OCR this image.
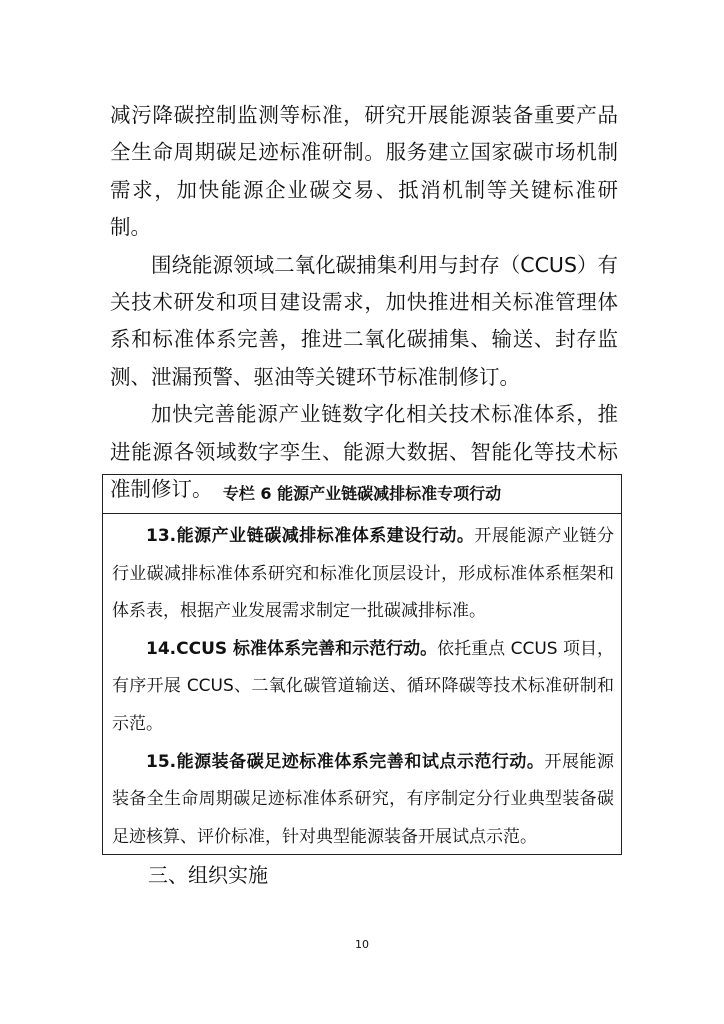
减污降碳控制监测等标准，研究开展能源装备重要产品全生命周期碳足迹标准研制。服务建立国家碳市场机制需求，加快能源企业碳交易、抵消机制等关键标准研制。

围绕能源领域二氧化碳捕集利用与封存（CCUS）有关技术研发和项目建设需求，加快推进相关标准管理体系和标准体系完善，推进二氧化碳捕集、输送、封存监测、泄漏预警、驱油等关键环节标准制修订。

加快完善能源产业链数字化相关技术标准体系，推进能源各领域数字孪生、能源大数据、智能化等技术标准制修订。 专栏 6 能源产业链碳减排标准专项行动

13.能源产业链碳减排标准体系建设行动。开展能源产业链分行业碳减排标准体系研究和标准化顶层设计，形成标准体系框架和体系表，根据产业发展需求制定一批碳减排标准。

14.CCUS 标准体系完善和示范行动。依托重点 CCUS 项目，有序开展 CCUS、二氧化碳管道输送、循环降碳等技术标准研制和示范。

15.能源装备碳足迹标准体系完善和试点示范行动。开展能源装备全生命周期碳足迹标准体系研究，有序制定分行业典型装备碳足迹核算、评价标准，针对典型能源装备开展试点示范。

三、组织实施
10
